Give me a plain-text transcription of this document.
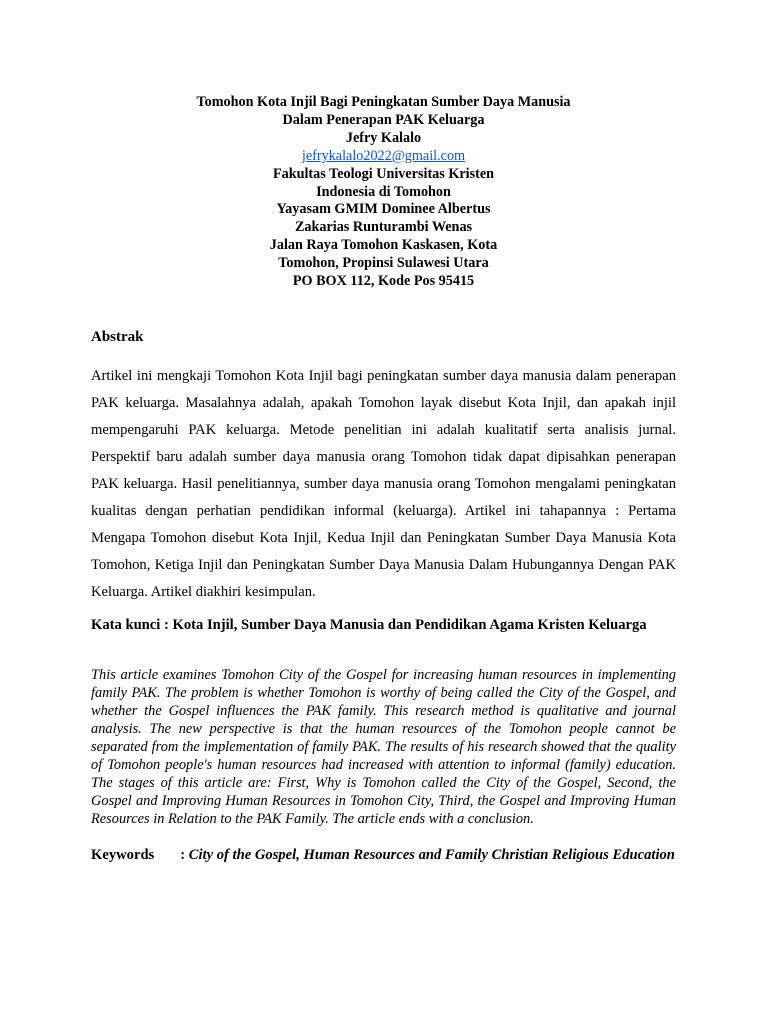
Tomohon Kota Injil Bagi Peningkatan Sumber Daya Manusia
Dalam Penerapan PAK Keluarga
Jefry Kalalo
jefrykalalo2022@gmail.com
Fakultas Teologi Universitas Kristen
Indonesia di Tomohon
Yayasam GMIM Dominee Albertus
Zakarias Runturambi Wenas
Jalan Raya Tomohon Kaskasen, Kota
Tomohon, Propinsi Sulawesi Utara
PO BOX 112, Kode Pos 95415
Abstrak
Artikel ini mengkaji Tomohon Kota Injil bagi peningkatan sumber daya manusia dalam penerapan PAK keluarga. Masalahnya adalah, apakah Tomohon layak disebut Kota Injil, dan apakah injil mempengaruhi PAK keluarga. Metode penelitian ini adalah kualitatif serta analisis jurnal. Perspektif baru adalah sumber daya manusia orang Tomohon tidak dapat dipisahkan penerapan PAK keluarga. Hasil penelitiannya, sumber daya manusia orang Tomohon mengalami peningkatan kualitas dengan perhatian pendidikan informal (keluarga). Artikel ini tahapannya : Pertama Mengapa Tomohon disebut Kota Injil, Kedua Injil dan Peningkatan Sumber Daya Manusia Kota Tomohon, Ketiga Injil dan Peningkatan Sumber Daya Manusia Dalam Hubungannya Dengan PAK Keluarga. Artikel diakhiri kesimpulan.
Kata kunci : Kota Injil, Sumber Daya Manusia dan Pendidikan Agama Kristen Keluarga
This article examines Tomohon City of the Gospel for increasing human resources in implementing family PAK. The problem is whether Tomohon is worthy of being called the City of the Gospel, and whether the Gospel influences the PAK family. This research method is qualitative and journal analysis. The new perspective is that the human resources of the Tomohon people cannot be separated from the implementation of family PAK. The results of his research showed that the quality of Tomohon people's human resources had increased with attention to informal (family) education. The stages of this article are: First, Why is Tomohon called the City of the Gospel, Second, the Gospel and Improving Human Resources in Tomohon City, Third, the Gospel and Improving Human Resources in Relation to the PAK Family. The article ends with a conclusion.
Keywords : City of the Gospel, Human Resources and Family Christian Religious Education
